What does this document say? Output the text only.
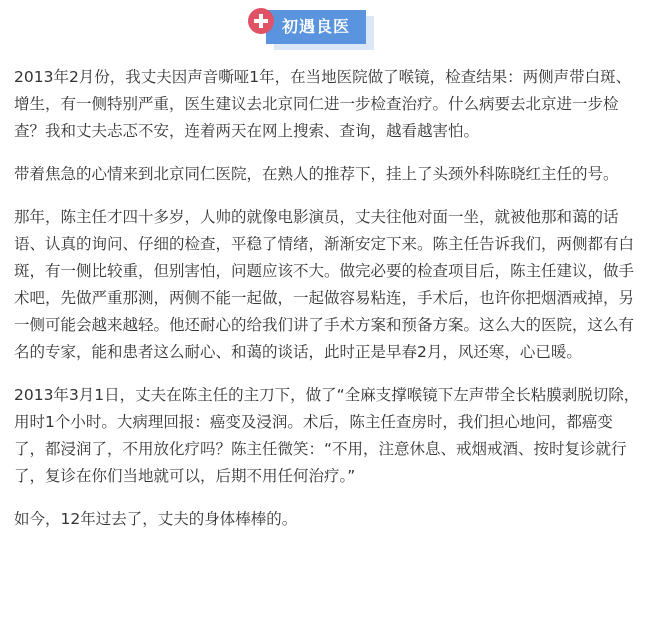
初遇良医

2013年2月份，我丈夫因声音嘶哑1年，在当地医院做了喉镜，检查结果：两侧声带白斑、增生，有一侧特别严重，医生建议去北京同仁进一步检查治疗。什么病要去北京进一步检查？我和丈夫忐忑不安，连着两天在网上搜索、查询，越看越害怕。

带着焦急的心情来到北京同仁医院，在熟人的推荐下，挂上了头颈外科陈晓红主任的号。

那年，陈主任才四十多岁，人帅的就像电影演员，丈夫往他对面一坐，就被他那和蔼的话语、认真的询问、仔细的检查，平稳了情绪，渐渐安定下来。陈主任告诉我们，两侧都有白斑，有一侧比较重，但别害怕，问题应该不大。做完必要的检查项目后，陈主任建议，做手术吧，先做严重那测，两侧不能一起做，一起做容易粘连，手术后，也许你把烟酒戒掉，另一侧可能会越来越轻。他还耐心的给我们讲了手术方案和预备方案。这么大的医院，这么有名的专家，能和患者这么耐心、和蔼的谈话，此时正是早春2月，风还寒，心已暖。

2013年3月1日，丈夫在陈主任的主刀下，做了“全麻支撑喉镜下左声带全长粘膜剥脱切除，用时1个小时。大病理回报：癌变及浸润。术后，陈主任查房时，我们担心地问，都癌变了，都浸润了，不用放化疗吗？陈主任微笑：“不用，注意休息、戒烟戒酒、按时复诊就行了，复诊在你们当地就可以，后期不用任何治疗。”

如今，12年过去了，丈夫的身体棒棒的。
